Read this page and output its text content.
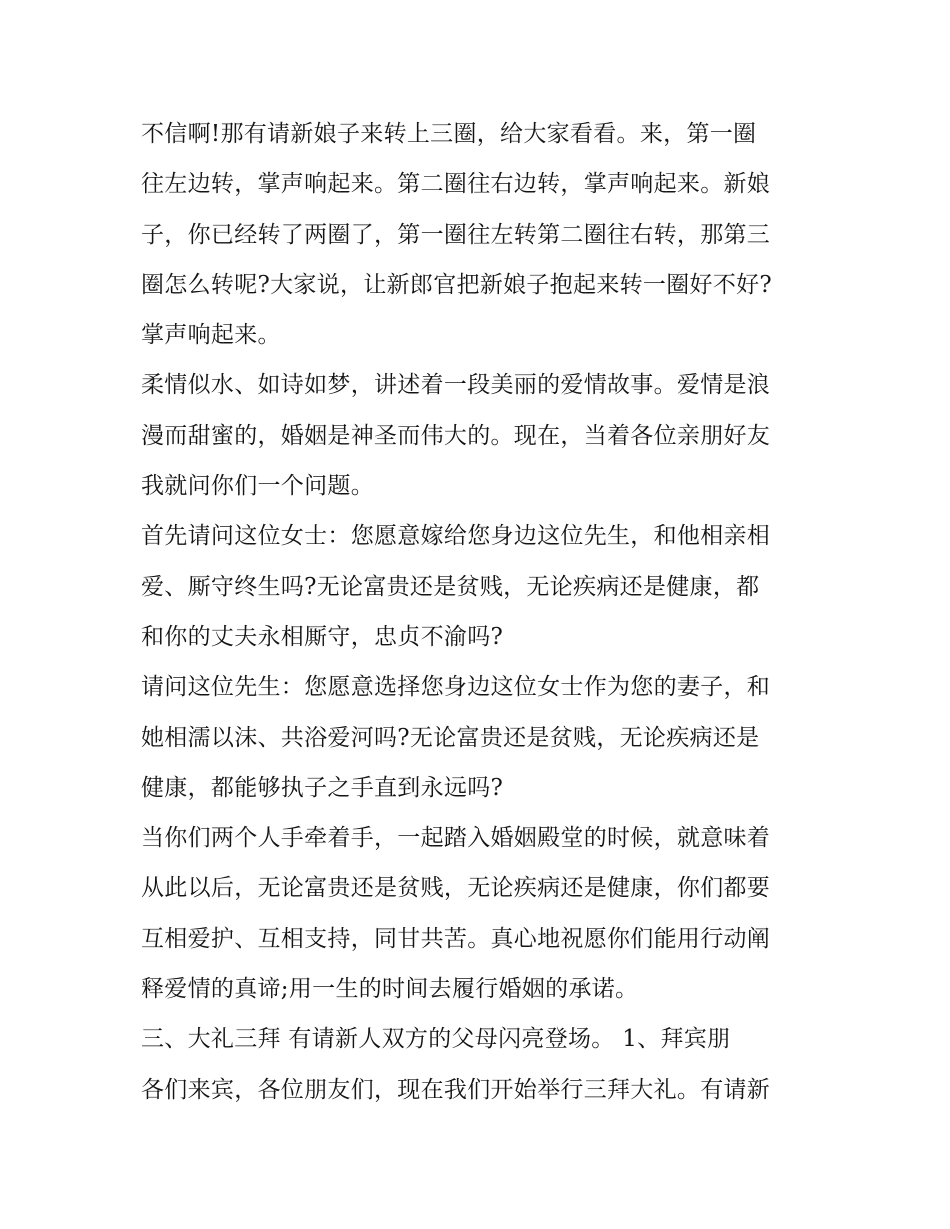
不信啊!那有请新娘子来转上三圈，给大家看看。来，第一圈
往左边转，掌声响起来。第二圈往右边转，掌声响起来。新娘
子，你已经转了两圈了，第一圈往左转第二圈往右转，那第三
圈怎么转呢?大家说，让新郎官把新娘子抱起来转一圈好不好?
掌声响起来。
柔情似水、如诗如梦，讲述着一段美丽的爱情故事。爱情是浪
漫而甜蜜的，婚姻是神圣而伟大的。现在，当着各位亲朋好友
我就问你们一个问题。
首先请问这位女士：您愿意嫁给您身边这位先生，和他相亲相
爱、厮守终生吗?无论富贵还是贫贱，无论疾病还是健康，都
和你的丈夫永相厮守，忠贞不渝吗?
请问这位先生：您愿意选择您身边这位女士作为您的妻子，和
她相濡以沫、共浴爱河吗?无论富贵还是贫贱，无论疾病还是
健康，都能够执子之手直到永远吗?
当你们两个人手牵着手，一起踏入婚姻殿堂的时候，就意味着
从此以后，无论富贵还是贫贱，无论疾病还是健康，你们都要
互相爱护、互相支持，同甘共苦。真心地祝愿你们能用行动阐
释爱情的真谛;用一生的时间去履行婚姻的承诺。
三、大礼三拜 有请新人双方的父母闪亮登场。 1、拜宾朋
各们来宾，各位朋友们，现在我们开始举行三拜大礼。有请新
